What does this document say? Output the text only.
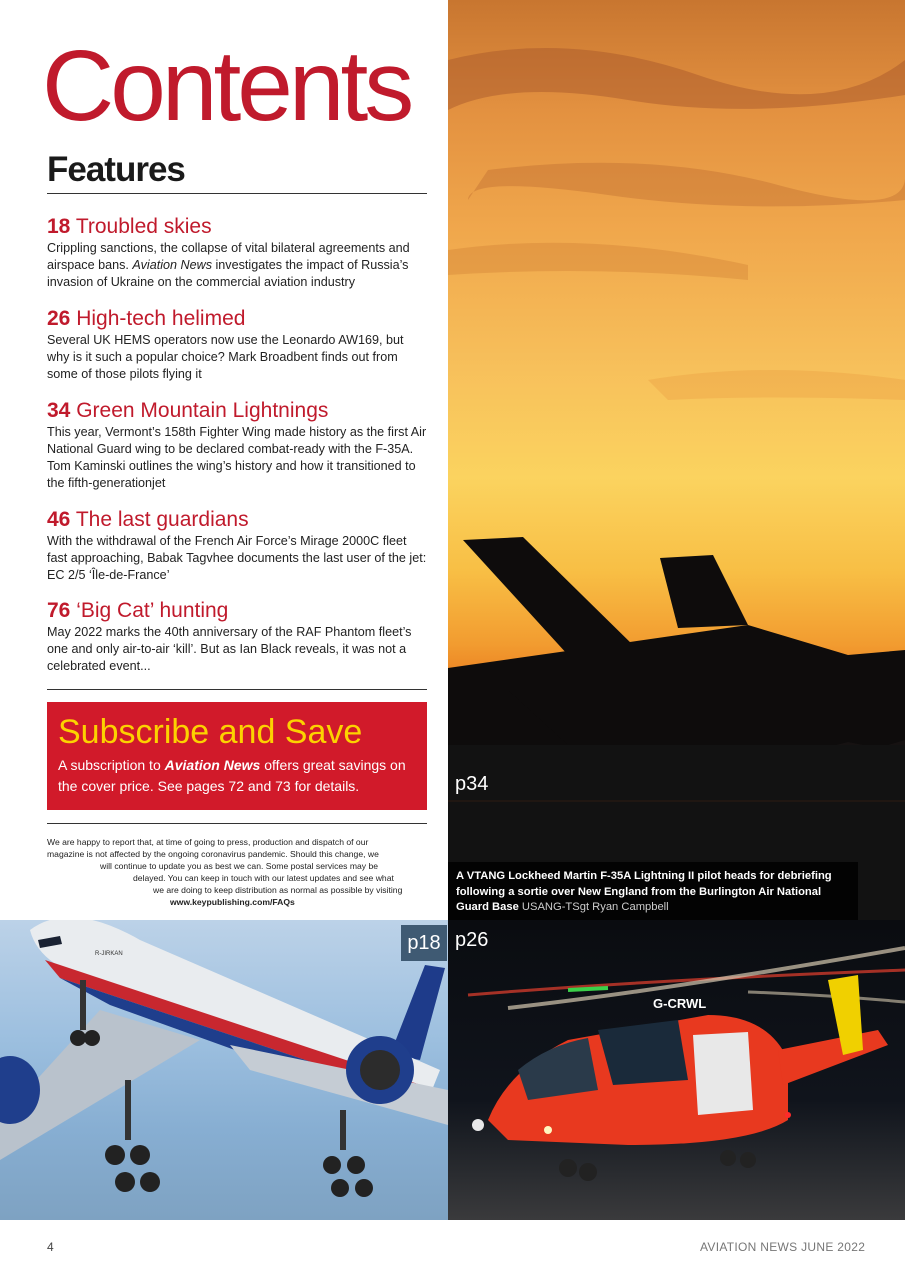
Contents
Features
18 Troubled skies
Crippling sanctions, the collapse of vital bilateral agreements and airspace bans. Aviation News investigates the impact of Russia’s invasion of Ukraine on the commercial aviation industry
26 High-tech helimed
Several UK HEMS operators now use the Leonardo AW169, but why is it such a popular choice? Mark Broadbent finds out from some of those pilots flying it
34 Green Mountain Lightnings
This year, Vermont’s 158th Fighter Wing made history as the first Air National Guard wing to be declared combat-ready with the F-35A. Tom Kaminski outlines the wing’s history and how it transitioned to the fifth-generationjet
46 The last guardians
With the withdrawal of the French Air Force’s Mirage 2000C fleet fast approaching, Babak Tagvhee documents the last user of the jet: EC 2/5 ‘Île-de-France’
76 ‘Big Cat’ hunting
May 2022 marks the 40th anniversary of the RAF Phantom fleet’s one and only air-to-air ‘kill’. But as Ian Black reveals, it was not a celebrated event...
Subscribe and Save
A subscription to Aviation News offers great savings on the cover price. See pages 72 and 73 for details.
We are happy to report that, at time of going to press, production and dispatch of our
magazine is not affected by the ongoing coronavirus pandemic. Should this change, we
will continue to update you as best we can. Some postal services may be
delayed. You can keep in touch with our latest updates and see what
we are doing to keep distribution as normal as possible by visiting
www.keypublishing.com/FAQs
R-JIRKAN
G-CRWL
p18 p26
p34
A VTANG Lockheed Martin F-35A Lightning II pilot heads for debriefing following a sortie over New England from the Burlington Air National Guard Base USANG-TSgt Ryan Campbell
4	AVIATION NEWS JUNE 2022
